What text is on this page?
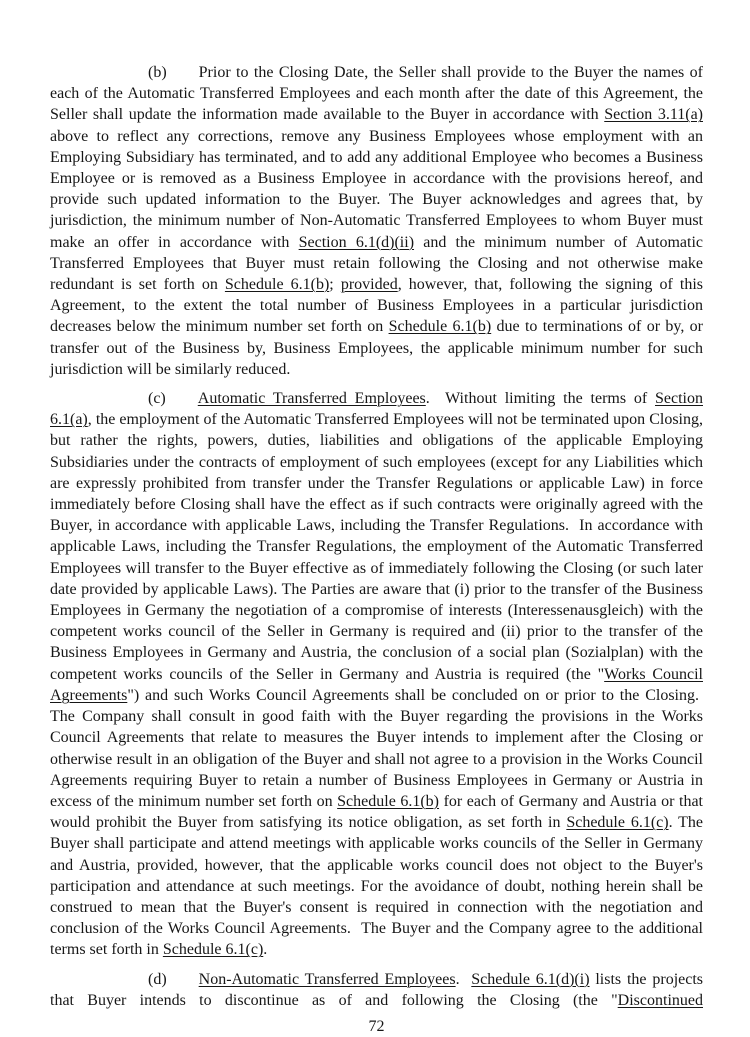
(b) Prior to the Closing Date, the Seller shall provide to the Buyer the names of each of the Automatic Transferred Employees and each month after the date of this Agreement, the Seller shall update the information made available to the Buyer in accordance with Section 3.11(a) above to reflect any corrections, remove any Business Employees whose employment with an Employing Subsidiary has terminated, and to add any additional Employee who becomes a Business Employee or is removed as a Business Employee in accordance with the provisions hereof, and provide such updated information to the Buyer. The Buyer acknowledges and agrees that, by jurisdiction, the minimum number of Non-Automatic Transferred Employees to whom Buyer must make an offer in accordance with Section 6.1(d)(ii) and the minimum number of Automatic Transferred Employees that Buyer must retain following the Closing and not otherwise make redundant is set forth on Schedule 6.1(b); provided, however, that, following the signing of this Agreement, to the extent the total number of Business Employees in a particular jurisdiction decreases below the minimum number set forth on Schedule 6.1(b) due to terminations of or by, or transfer out of the Business by, Business Employees, the applicable minimum number for such jurisdiction will be similarly reduced.

(c) Automatic Transferred Employees.  Without limiting the terms of Section 6.1(a), the employment of the Automatic Transferred Employees will not be terminated upon Closing, but rather the rights, powers, duties, liabilities and obligations of the applicable Employing Subsidiaries under the contracts of employment of such employees (except for any Liabilities which are expressly prohibited from transfer under the Transfer Regulations or applicable Law) in force immediately before Closing shall have the effect as if such contracts were originally agreed with the Buyer, in accordance with applicable Laws, including the Transfer Regulations.  In accordance with applicable Laws, including the Transfer Regulations, the employment of the Automatic Transferred Employees will transfer to the Buyer effective as of immediately following the Closing (or such later date provided by applicable Laws). The Parties are aware that (i) prior to the transfer of the Business Employees in Germany the negotiation of a compromise of interests (Interessenausgleich) with the competent works council of the Seller in Germany is required and (ii) prior to the transfer of the Business Employees in Germany and Austria, the conclusion of a social plan (Sozialplan) with the competent works councils of the Seller in Germany and Austria is required (the "Works Council Agreements") and such Works Council Agreements shall be concluded on or prior to the Closing.  The Company shall consult in good faith with the Buyer regarding the provisions in the Works Council Agreements that relate to measures the Buyer intends to implement after the Closing or otherwise result in an obligation of the Buyer and shall not agree to a provision in the Works Council Agreements requiring Buyer to retain a number of Business Employees in Germany or Austria in excess of the minimum number set forth on Schedule 6.1(b) for each of Germany and Austria or that would prohibit the Buyer from satisfying its notice obligation, as set forth in Schedule 6.1(c). The Buyer shall participate and attend meetings with applicable works councils of the Seller in Germany and Austria, provided, however, that the applicable works council does not object to the Buyer's participation and attendance at such meetings. For the avoidance of doubt, nothing herein shall be construed to mean that the Buyer's consent is required in connection with the negotiation and conclusion of the Works Council Agreements.  The Buyer and the Company agree to the additional terms set forth in Schedule 6.1(c).

(d) Non-Automatic Transferred Employees.  Schedule 6.1(d)(i) lists the projects that Buyer intends to discontinue as of and following the Closing (the "Discontinued

72
